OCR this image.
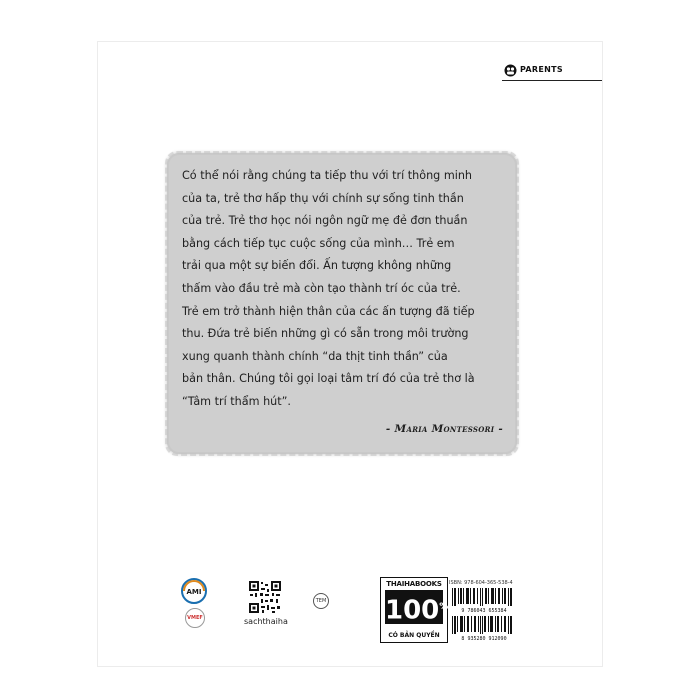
PARENTS
Có thể nói rằng chúng ta tiếp thu với trí thông minh
của ta, trẻ thơ hấp thụ với chính sự sống tinh thần
của trẻ. Trẻ thơ học nói ngôn ngữ mẹ đẻ đơn thuần
bằng cách tiếp tục cuộc sống của mình… Trẻ em
trải qua một sự biến đổi. Ấn tượng không những
thấm vào đầu trẻ mà còn tạo thành trí óc của trẻ.
Trẻ em trở thành hiện thân của các ấn tượng đã tiếp
thu. Đứa trẻ biến những gì có sẵn trong môi trường
xung quanh thành chính “da thịt tinh thần” của
bản thân. Chúng tôi gọi loại tâm trí đó của trẻ thơ là
“Tâm trí thẩm hút”.
- Maria Montessori -
AMI
VMEF	sachthaiha
TEM
THAIHABOOKS
100%
CÓ BẢN QUYỀN
ISBN: 978-604-365-538-4
9 786043 655384
8 935280 912090
